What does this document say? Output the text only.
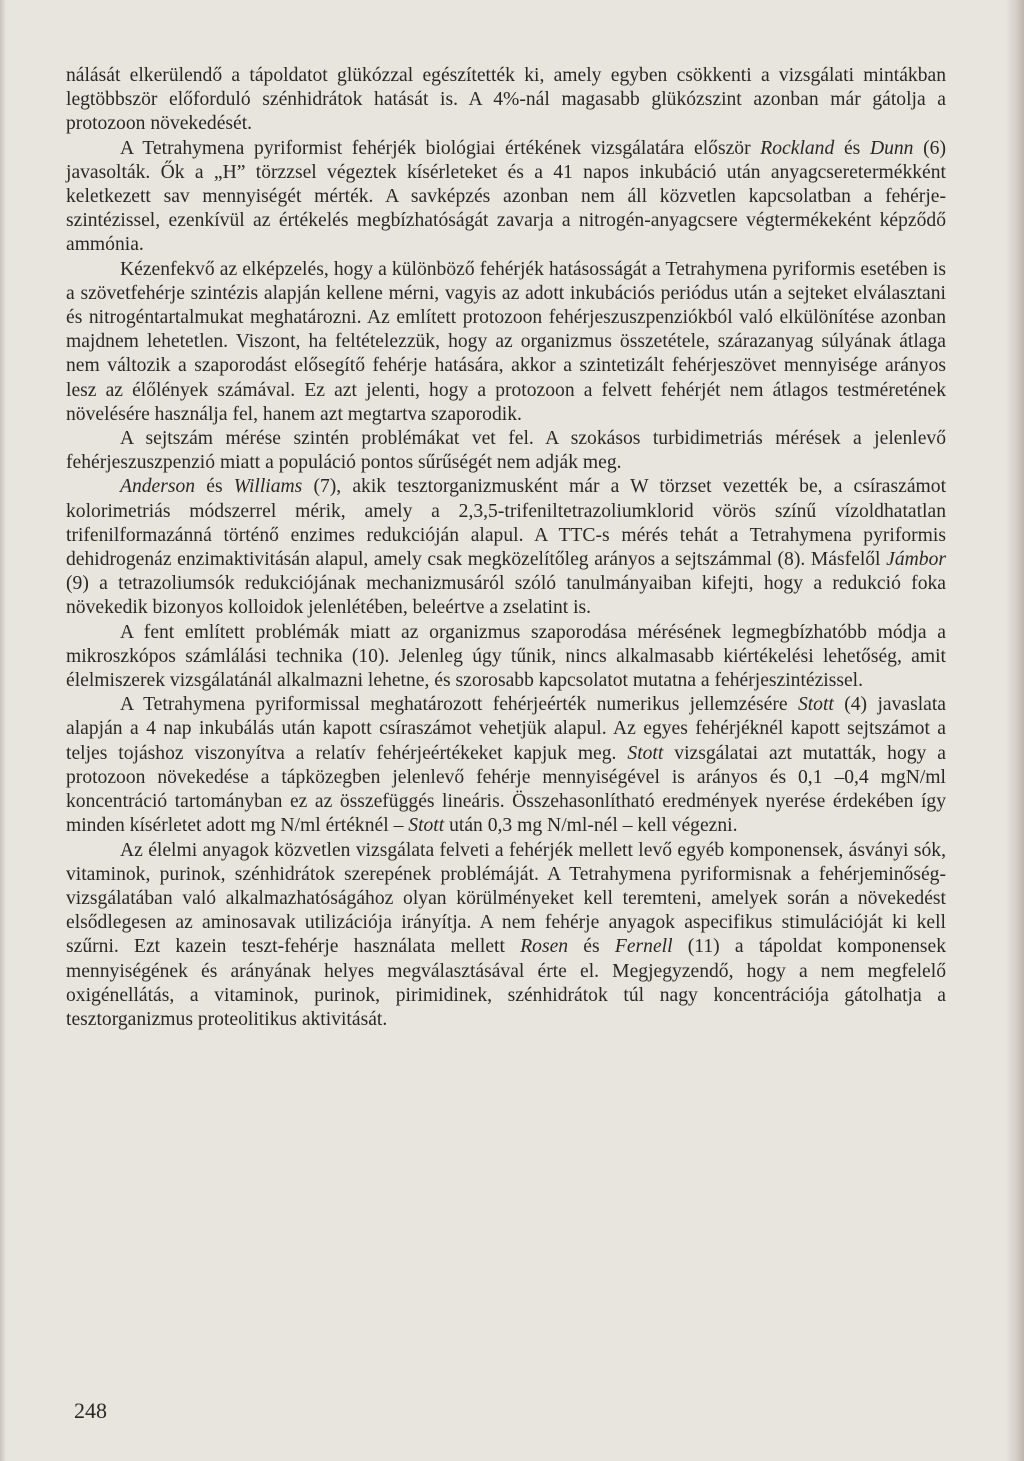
nálását elkerülendő a tápoldatot glükózzal egészítették ki, amely egyben csökkenti a vizsgálati mintákban legtöbbször előforduló szénhidrátok hatását is. A 4%-nál magasabb glükózszint azonban már gátolja a protozoon növekedését.

A Tetrahymena pyriformist fehérjék biológiai értékének vizsgálatára először Rockland és Dunn (6) javasolták. Ők a „H” törzzsel végeztek kísérleteket és a 41 napos inkubáció után anyagcseretermékként keletkezett sav mennyiségét mérték. A savképzés azonban nem áll közvetlen kapcsolatban a fehérje-szintézissel, ezenkívül az értékelés megbízhatóságát zavarja a nitrogén-anyagcsere végtermékeként képződő ammónia.

Kézenfekvő az elképzelés, hogy a különböző fehérjék hatásosságát a Tetrahymena pyriformis esetében is a szövetfehérje szintézis alapján kellene mérni, vagyis az adott inkubációs periódus után a sejteket elválasztani és nitrogéntartalmukat meghatározni. Az említett protozoon fehérjeszuszpenziókból való elkülönítése azonban majdnem lehetetlen. Viszont, ha feltételezzük, hogy az organizmus összetétele, szárazanyag súlyának átlaga nem változik a szaporodást elősegítő fehérje hatására, akkor a szintetizált fehérjeszövet mennyisége arányos lesz az élőlények számával. Ez azt jelenti, hogy a protozoon a felvett fehérjét nem átlagos testméretének növelésére használja fel, hanem azt megtartva szaporodik.

A sejtszám mérése szintén problémákat vet fel. A szokásos turbidimetriás mérések a jelenlevő fehérjeszuszpenzió miatt a populáció pontos sűrűségét nem adják meg.

Anderson és Williams (7), akik tesztorganizmusként már a W törzset vezették be, a csíraszámot kolorimetriás módszerrel mérik, amely a 2,3,5-trifeniltetrazoliumklorid vörös színű vízoldhatatlan trifenilformazánná történő enzimes redukcióján alapul. A TTC-s mérés tehát a Tetrahymena pyriformis dehidrogenáz enzimaktivitásán alapul, amely csak megközelítőleg arányos a sejtszámmal (8). Másfelől Jámbor (9) a tetrazoliumsók redukciójának mechanizmusáról szóló tanulmányaiban kifejti, hogy a redukció foka növekedik bizonyos kolloidok jelenlétében, beleértve a zselatint is.

A fent említett problémák miatt az organizmus szaporodása mérésének legmegbízhatóbb módja a mikroszkópos számlálási technika (10). Jelenleg úgy tűnik, nincs alkalmasabb kiértékelési lehetőség, amit élelmiszerek vizsgálatánál alkalmazni lehetne, és szorosabb kapcsolatot mutatna a fehérjeszintézissel.

A Tetrahymena pyriformissal meghatározott fehérjeérték numerikus jellemzésére Stott (4) javaslata alapján a 4 nap inkubálás után kapott csíraszámot vehetjük alapul. Az egyes fehérjéknél kapott sejtszámot a teljes tojáshoz viszonyítva a relatív fehérjeértékeket kapjuk meg. Stott vizsgálatai azt mutatták, hogy a protozoon növekedése a tápközegben jelenlevő fehérje mennyiségével is arányos és 0,1 –0,4 mgN/ml koncentráció tartományban ez az összefüggés lineáris. Összehasonlítható eredmények nyerése érdekében így minden kísérletet adott mg N/ml értéknél – Stott után 0,3 mg N/ml-nél – kell végezni.

Az élelmi anyagok közvetlen vizsgálata felveti a fehérjék mellett levő egyéb komponensek, ásványi sók, vitaminok, purinok, szénhidrátok szerepének problémáját. A Tetrahymena pyriformisnak a fehérjeminőség-vizsgálatában való alkalmazhatóságához olyan körülményeket kell teremteni, amelyek során a növekedést elsődlegesen az aminosavak utilizációja irányítja. A nem fehérje anyagok aspecifikus stimulációját ki kell szűrni. Ezt kazein teszt-fehérje használata mellett Rosen és Fernell (11) a tápoldat komponensek mennyiségének és arányának helyes megválasztásával érte el. Megjegyzendő, hogy a nem megfelelő oxigénellátás, a vitaminok, purinok, pirimidinek, szénhidrátok túl nagy koncentrációja gátolhatja a tesztorganizmus proteolitikus aktivitását.

248
